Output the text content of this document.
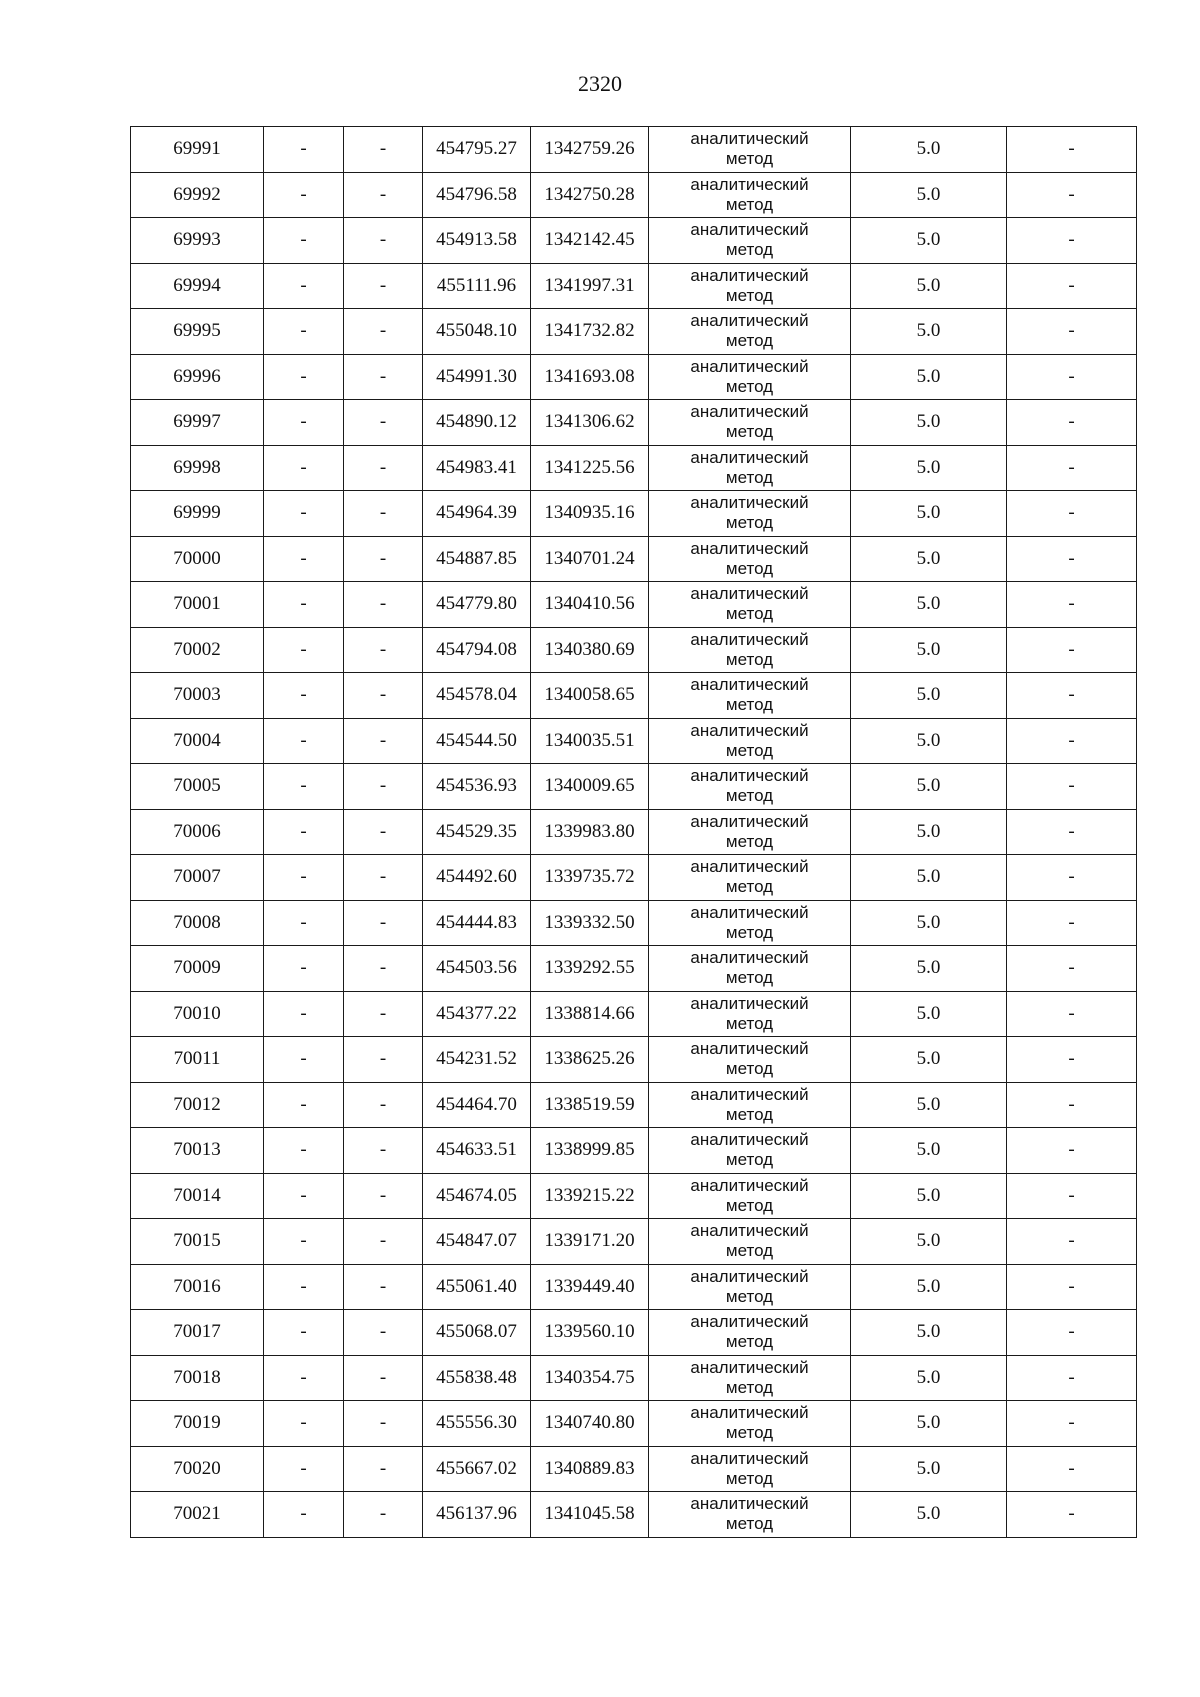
2320
69991	-	-	454795.27	1342759.26	аналитический
метод	5.0	-
69992	-	-	454796.58	1342750.28	аналитический
метод	5.0	-
69993	-	-	454913.58	1342142.45	аналитический
метод	5.0	-
69994	-	-	455111.96	1341997.31	аналитический
метод	5.0	-
69995	-	-	455048.10	1341732.82	аналитический
метод	5.0	-
69996	-	-	454991.30	1341693.08	аналитический
метод	5.0	-
69997	-	-	454890.12	1341306.62	аналитический
метод	5.0	-
69998	-	-	454983.41	1341225.56	аналитический
метод	5.0	-
69999	-	-	454964.39	1340935.16	аналитический
метод	5.0	-
70000	-	-	454887.85	1340701.24	аналитический
метод	5.0	-
70001	-	-	454779.80	1340410.56	аналитический
метод	5.0	-
70002	-	-	454794.08	1340380.69	аналитический
метод	5.0	-
70003	-	-	454578.04	1340058.65	аналитический
метод	5.0	-
70004	-	-	454544.50	1340035.51	аналитический
метод	5.0	-
70005	-	-	454536.93	1340009.65	аналитический
метод	5.0	-
70006	-	-	454529.35	1339983.80	аналитический
метод	5.0	-
70007	-	-	454492.60	1339735.72	аналитический
метод	5.0	-
70008	-	-	454444.83	1339332.50	аналитический
метод	5.0	-
70009	-	-	454503.56	1339292.55	аналитический
метод	5.0	-
70010	-	-	454377.22	1338814.66	аналитический
метод	5.0	-
70011	-	-	454231.52	1338625.26	аналитический
метод	5.0	-
70012	-	-	454464.70	1338519.59	аналитический
метод	5.0	-
70013	-	-	454633.51	1338999.85	аналитический
метод	5.0	-
70014	-	-	454674.05	1339215.22	аналитический
метод	5.0	-
70015	-	-	454847.07	1339171.20	аналитический
метод	5.0	-
70016	-	-	455061.40	1339449.40	аналитический
метод	5.0	-
70017	-	-	455068.07	1339560.10	аналитический
метод	5.0	-
70018	-	-	455838.48	1340354.75	аналитический
метод	5.0	-
70019	-	-	455556.30	1340740.80	аналитический
метод	5.0	-
70020	-	-	455667.02	1340889.83	аналитический
метод	5.0	-
70021	-	-	456137.96	1341045.58	аналитический
метод	5.0	-
